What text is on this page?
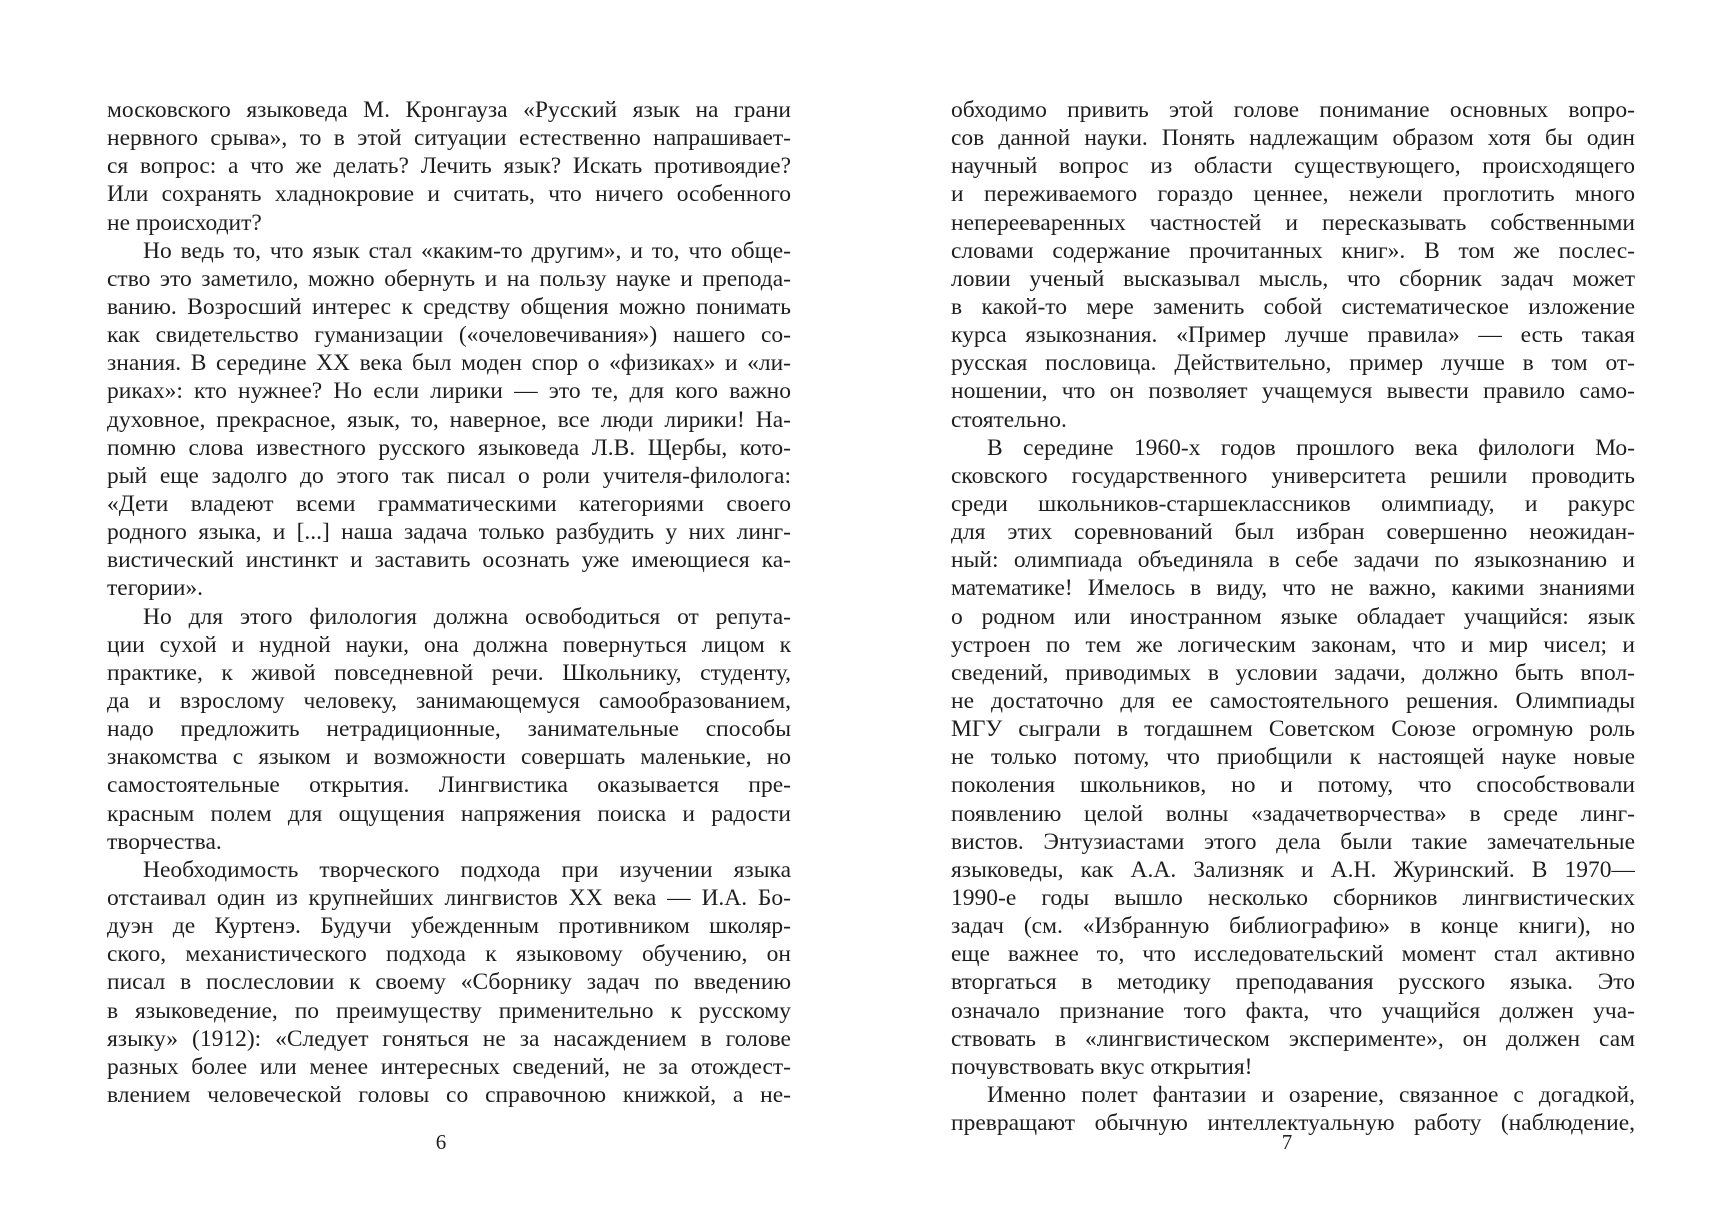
московского языковеда М. Кронгауза «Русский язык на грани
нервного срыва», то в этой ситуации естественно напрашивает-
ся вопрос: а что же делать? Лечить язык? Искать противоядие?
Или сохранять хладнокровие и считать, что ничего особенного
не происходит?
Но ведь то, что язык стал «каким-то другим», и то, что обще-
ство это заметило, можно обернуть и на пользу науке и препода-
ванию. Возросший интерес к средству общения можно понимать
как свидетельство гуманизации («очеловечивания») нашего со-
знания. В середине XX века был моден спор о «физиках» и «ли-
риках»: кто нужнее? Но если лирики — это те, для кого важно
духовное, прекрасное, язык, то, наверное, все люди лирики! На-
помню слова известного русского языковеда Л.В. Щербы, кото-
рый еще задолго до этого так писал о роли учителя-филолога:
«Дети владеют всеми грамматическими категориями своего
родного языка, и [...] наша задача только разбудить у них линг-
вистический инстинкт и заставить осознать уже имеющиеся ка-
тегории».
Но для этого филология должна освободиться от репута-
ции сухой и нудной науки, она должна повернуться лицом к
практике, к живой повседневной речи. Школьнику, студенту,
да и взрослому человеку, занимающемуся самообразованием,
надо предложить нетрадиционные, занимательные способы
знакомства с языком и возможности совершать маленькие, но
самостоятельные открытия. Лингвистика оказывается пре-
красным полем для ощущения напряжения поиска и радости
творчества.
Необходимость творческого подхода при изучении языка
отстаивал один из крупнейших лингвистов XX века — И.А. Бо-
дуэн де Куртенэ. Будучи убежденным противником школяр-
ского, механистического подхода к языковому обучению, он
писал в послесловии к своему «Сборнику задач по введению
в языковедение, по преимуществу применительно к русскому
языку» (1912): «Следует гоняться не за насаждением в голове
разных более или менее интересных сведений, не за отождест-
влением человеческой головы со справочною книжкой, а не-
обходимо привить этой голове понимание основных вопро-
сов данной науки. Понять надлежащим образом хотя бы один
научный вопрос из области существующего, происходящего
и переживаемого гораздо ценнее, нежели проглотить много
неперееваренных частностей и пересказывать собственными
словами содержание прочитанных книг». В том же послес-
ловии ученый высказывал мысль, что сборник задач может
в какой-то мере заменить собой систематическое изложение
курса языкознания. «Пример лучше правила» — есть такая
русская пословица. Действительно, пример лучше в том от-
ношении, что он позволяет учащемуся вывести правило само-
стоятельно.
В середине 1960-х годов прошлого века филологи Мо-
сковского государственного университета решили проводить
среди школьников-старшеклассников олимпиаду, и ракурс
для этих соревнований был избран совершенно неожидан-
ный: олимпиада объединяла в себе задачи по языкознанию и
математике! Имелось в виду, что не важно, какими знаниями
о родном или иностранном языке обладает учащийся: язык
устроен по тем же логическим законам, что и мир чисел; и
сведений, приводимых в условии задачи, должно быть впол-
не достаточно для ее самостоятельного решения. Олимпиады
МГУ сыграли в тогдашнем Советском Союзе огромную роль
не только потому, что приобщили к настоящей науке новые
поколения школьников, но и потому, что способствовали
появлению целой волны «задачетворчества» в среде линг-
вистов. Энтузиастами этого дела были такие замечательные
языковеды, как А.А. Зализняк и А.Н. Журинский. В 1970—
1990-е годы вышло несколько сборников лингвистических
задач (см. «Избранную библиографию» в конце книги), но
еще важнее то, что исследовательский момент стал активно
вторгаться в методику преподавания русского языка. Это
означало признание того факта, что учащийся должен уча-
ствовать в «лингвистическом эксперименте», он должен сам
почувствовать вкус открытия!
Именно полет фантазии и озарение, связанное с догадкой,
превращают обычную интеллектуальную работу (наблюдение,
6	7
